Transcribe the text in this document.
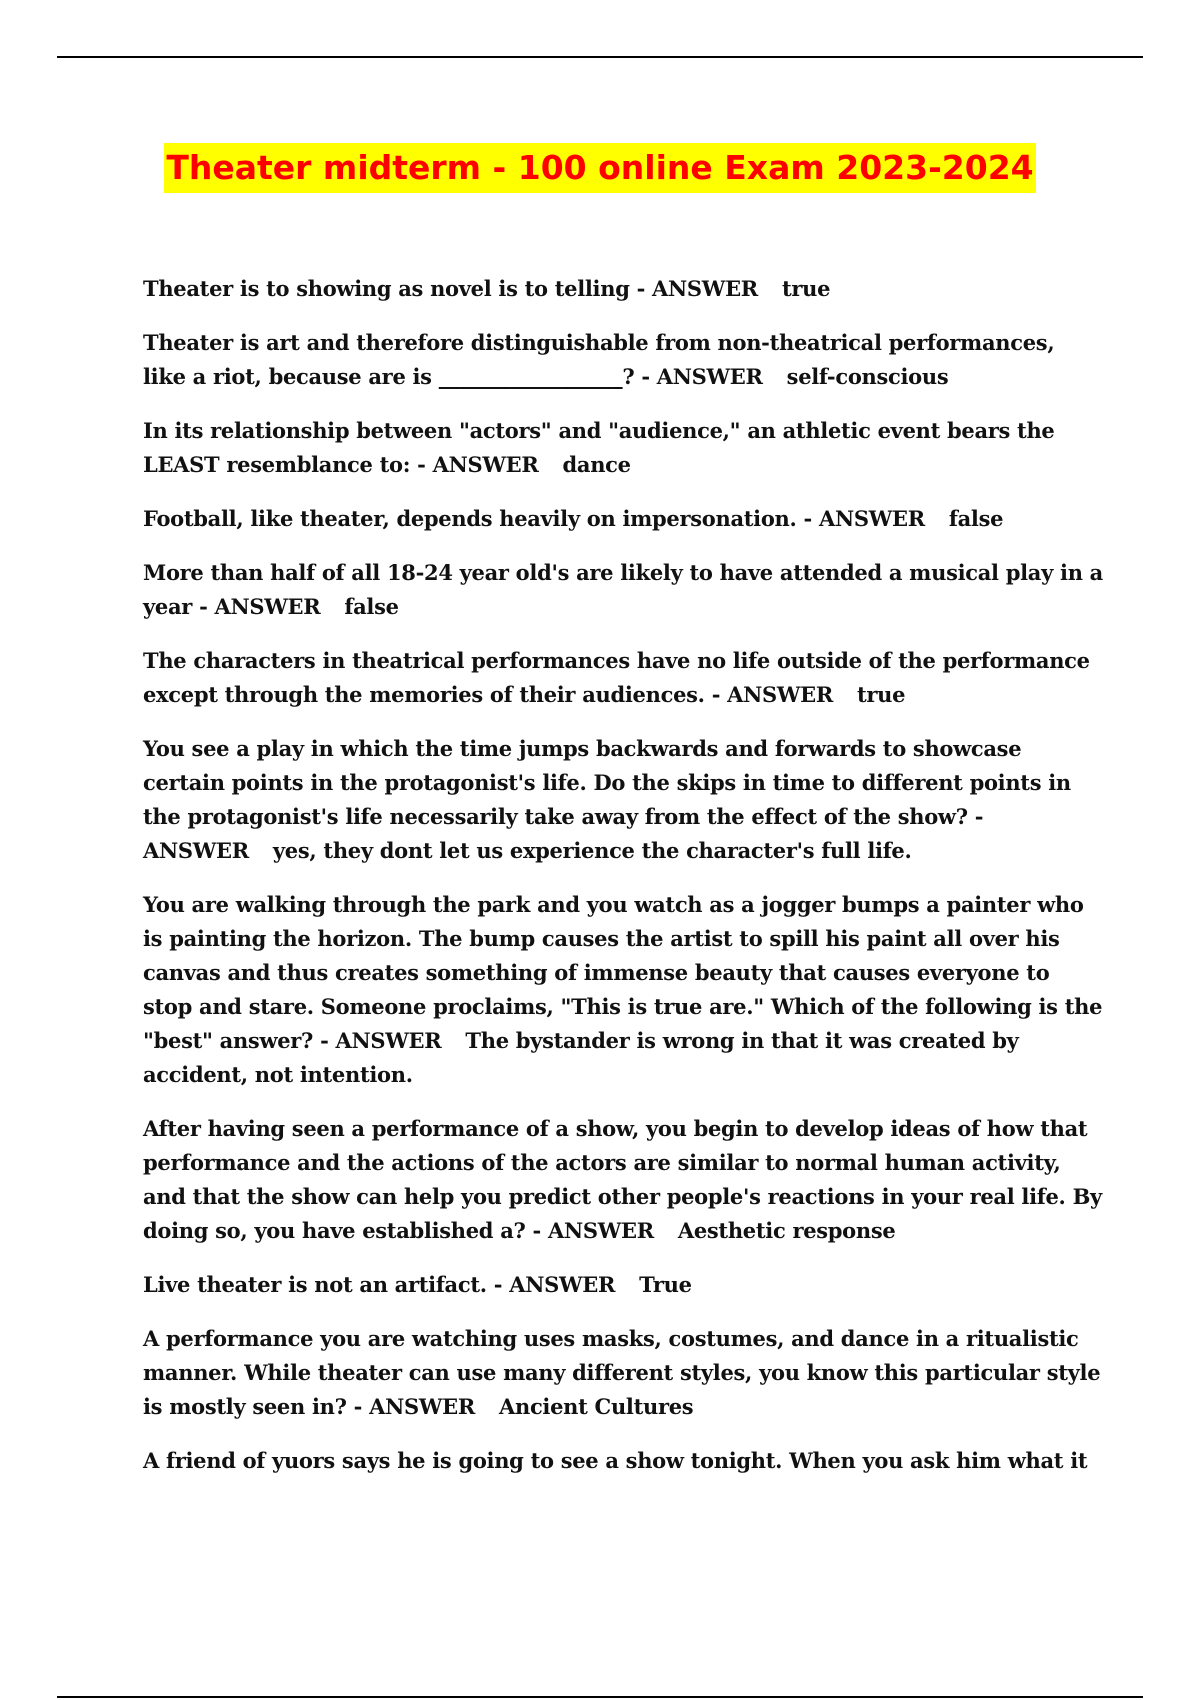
Theater midterm - 100 online Exam 2023-2024
Theater is to showing as novel is to telling - ANSWER true
Theater is art and therefore distinguishable from non-theatrical performances, like a riot, because are is __________________? - ANSWER self-conscious
In its relationship between "actors" and "audience," an athletic event bears the LEAST resemblance to: - ANSWER dance
Football, like theater, depends heavily on impersonation. - ANSWER false
More than half of all 18-24 year old's are likely to have attended a musical play in a year - ANSWER false
The characters in theatrical performances have no life outside of the performance except through the memories of their audiences. - ANSWER true
You see a play in which the time jumps backwards and forwards to showcase certain points in the protagonist's life. Do the skips in time to different points in the protagonist's life necessarily take away from the effect of the show? - ANSWER yes, they dont let us experience the character's full life.
You are walking through the park and you watch as a jogger bumps a painter who is painting the horizon. The bump causes the artist to spill his paint all over his canvas and thus creates something of immense beauty that causes everyone to stop and stare. Someone proclaims, "This is true are." Which of the following is the "best" answer? - ANSWER The bystander is wrong in that it was created by accident, not intention.
After having seen a performance of a show, you begin to develop ideas of how that performance and the actions of the actors are similar to normal human activity, and that the show can help you predict other people's reactions in your real life. By doing so, you have established a? - ANSWER Aesthetic response
Live theater is not an artifact. - ANSWER True
A performance you are watching uses masks, costumes, and dance in a ritualistic manner. While theater can use many different styles, you know this particular style is mostly seen in? - ANSWER Ancient Cultures
A friend of yuors says he is going to see a show tonight. When you ask him what it
